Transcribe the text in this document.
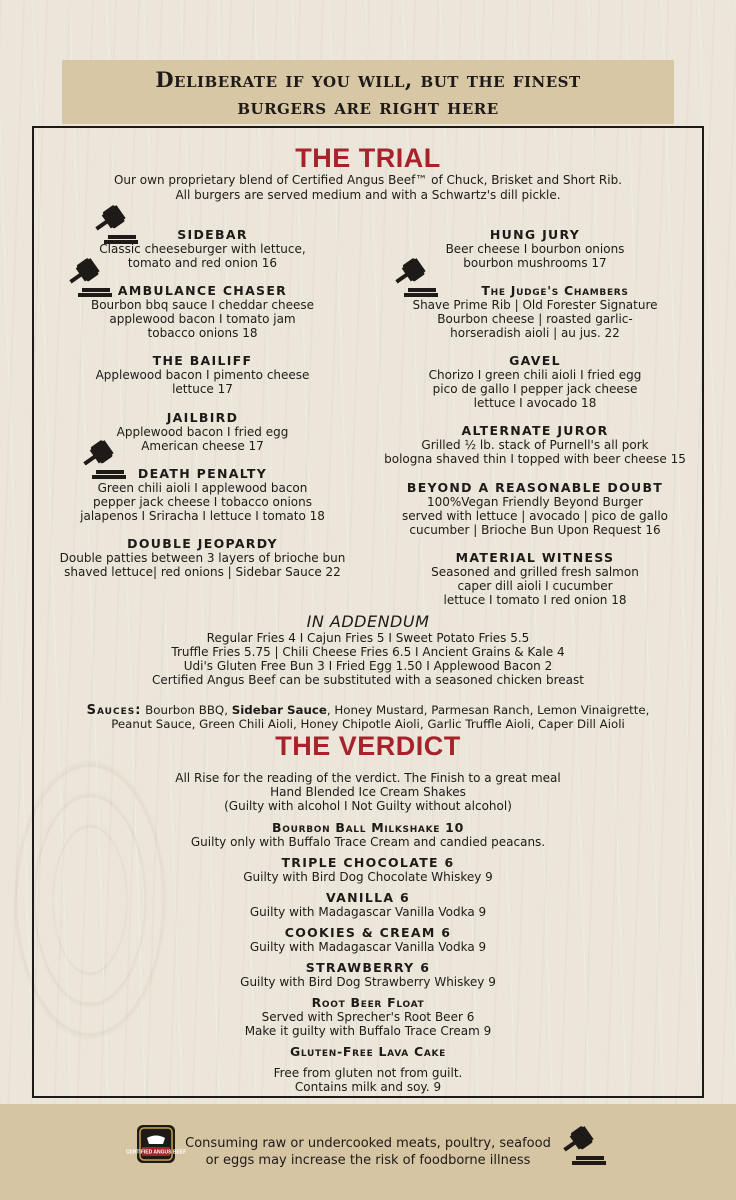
Deliberate if you will, but the finest
burgers are right here
THE TRIAL
Our own proprietary blend of Certified Angus Beef™ of Chuck, Brisket and Short Rib.
All burgers are served medium and with a Schwartz's dill pickle.
SIDEBAR
Classic cheeseburger with lettuce,
tomato and red onion 16
AMBULANCE CHASER
Bourbon bbq sauce I cheddar cheese
applewood bacon I tomato jam
tobacco onions 18
THE BAILIFF
Applewood bacon I pimento cheese
lettuce 17
JAILBIRD
Applewood bacon I fried egg
American cheese 17
DEATH PENALTY
Green chili aioli I applewood bacon
pepper jack cheese I tobacco onions
jalapenos I Sriracha I lettuce I tomato 18
DOUBLE JEOPARDY
Double patties between 3 layers of brioche bun
shaved lettuce| red onions | Sidebar Sauce 22
HUNG JURY
Beer cheese I bourbon onions
bourbon mushrooms 17
The Judge's Chambers
Shave Prime Rib | Old Forester Signature
Bourbon cheese | roasted garlic-
horseradish aioli | au jus. 22
GAVEL
Chorizo I green chili aioli I fried egg
pico de gallo I pepper jack cheese
lettuce I avocado 18
ALTERNATE JUROR
Grilled ½ lb. stack of Purnell's all pork
bologna shaved thin I topped with beer cheese 15
BEYOND A REASONABLE DOUBT
100%Vegan Friendly Beyond Burger
served with lettuce | avocado | pico de gallo
cucumber | Brioche Bun Upon Request 16
MATERIAL WITNESS
Seasoned and grilled fresh salmon
caper dill aioli I cucumber
lettuce I tomato I red onion 18
IN ADDENDUM
Regular Fries 4 I Cajun Fries 5 I Sweet Potato Fries 5.5
Truffle Fries 5.75 | Chili Cheese Fries 6.5 I Ancient Grains & Kale 4
Udi's Gluten Free Bun 3 I Fried Egg 1.50 I Applewood Bacon 2
Certified Angus Beef can be substituted with a seasoned chicken breast
Sauces: Bourbon BBQ, Sidebar Sauce, Honey Mustard, Parmesan Ranch, Lemon Vinaigrette,
Peanut Sauce, Green Chili Aioli, Honey Chipotle Aioli, Garlic Truffle Aioli, Caper Dill Aioli
THE VERDICT
All Rise for the reading of the verdict. The Finish to a great meal
Hand Blended Ice Cream Shakes
(Guilty with alcohol I Not Guilty without alcohol)
Bourbon Ball Milkshake 10
Guilty only with Buffalo Trace Cream and candied peacans.
TRIPLE CHOCOLATE 6
Guilty with Bird Dog Chocolate Whiskey 9
VANILLA 6
Guilty with Madagascar Vanilla Vodka 9
COOKIES & CREAM 6
Guilty with Madagascar Vanilla Vodka 9
STRAWBERRY 6
Guilty with Bird Dog Strawberry Whiskey 9
Root Beer Float
Served with Sprecher's Root Beer 6
Make it guilty with Buffalo Trace Cream 9
Gluten-Free Lava Cake
Free from gluten not from guilt.
Contains milk and soy. 9
CERTIFIED ANGUS BEEF
Consuming raw or undercooked meats, poultry, seafood
or eggs may increase the risk of foodborne illness
